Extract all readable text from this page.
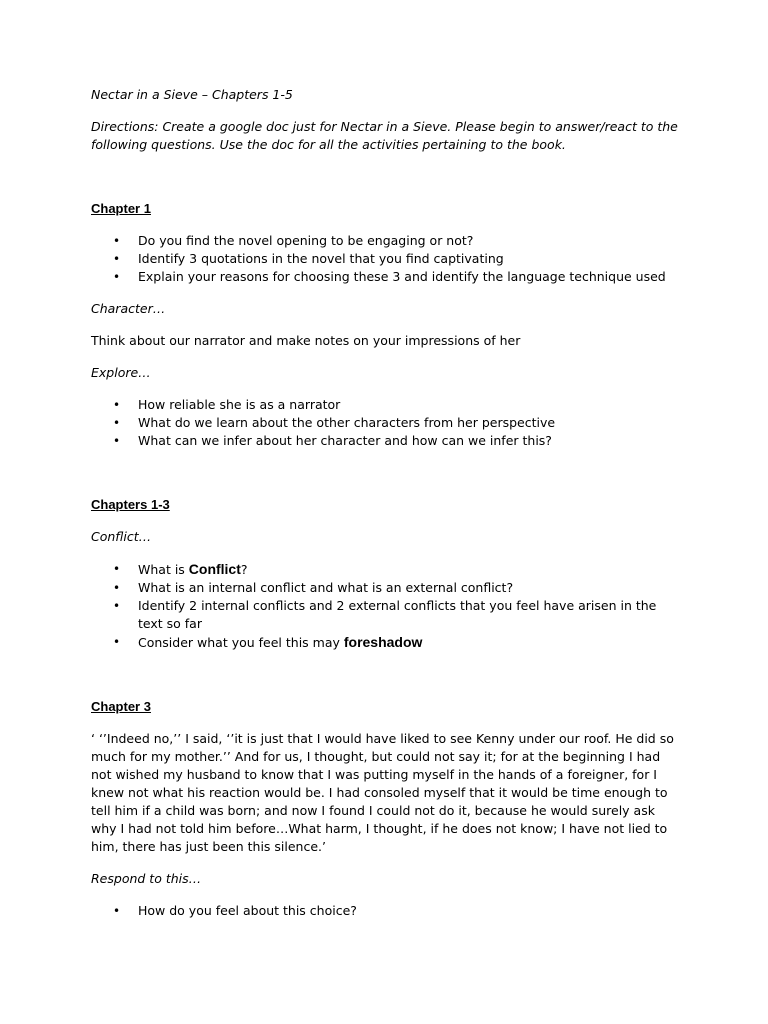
Nectar in a Sieve – Chapters 1-5

Directions: Create a google doc just for Nectar in a Sieve. Please begin to answer/react to the following questions. Use the doc for all the activities pertaining to the book.

Chapter 1

• Do you find the novel opening to be engaging or not?
• Identify 3 quotations in the novel that you find captivating
• Explain your reasons for choosing these 3 and identify the language technique used

Character…

Think about our narrator and make notes on your impressions of her

Explore…

• How reliable she is as a narrator
• What do we learn about the other characters from her perspective
• What can we infer about her character and how can we infer this?

Chapters 1-3

Conflict…

• What is Conflict?
• What is an internal conflict and what is an external conflict?
• Identify 2 internal conflicts and 2 external conflicts that you feel have arisen in the text so far
• Consider what you feel this may foreshadow

Chapter 3

‘ ‘’Indeed no,’’ I said, ‘’it is just that I would have liked to see Kenny under our roof. He did so much for my mother.’’ And for us, I thought, but could not say it; for at the beginning I had not wished my husband to know that I was putting myself in the hands of a foreigner, for I knew not what his reaction would be. I had consoled myself that it would be time enough to tell him if a child was born; and now I found I could not do it, because he would surely ask why I had not told him before…What harm, I thought, if he does not know; I have not lied to him, there has just been this silence.’

Respond to this…

• How do you feel about this choice?
